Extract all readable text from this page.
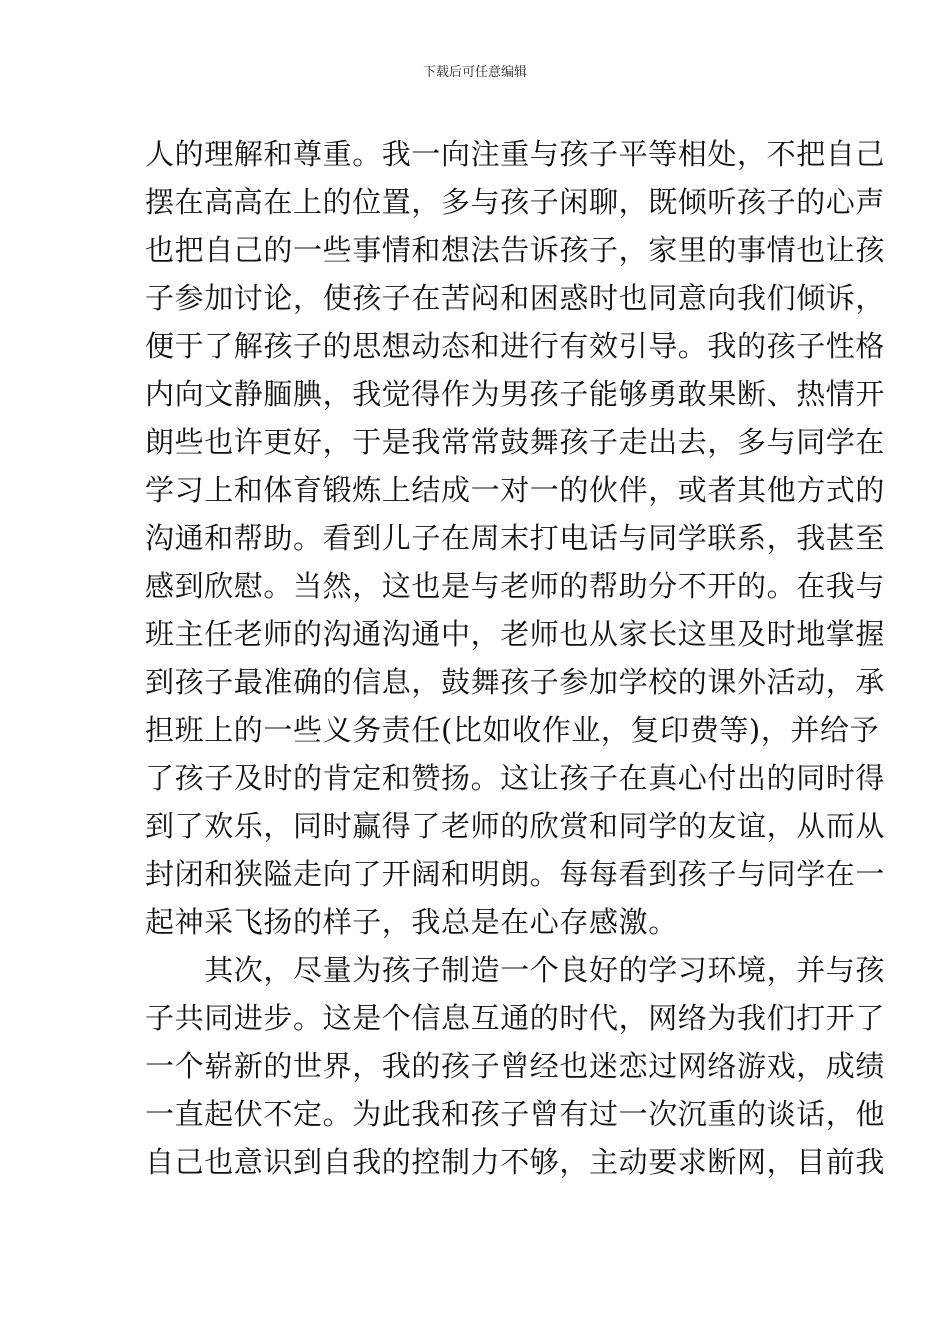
下载后可任意编辑
人的理解和尊重。我一向注重与孩子平等相处，不把自己
摆在高高在上的位置，多与孩子闲聊，既倾听孩子的心声
也把自己的一些事情和想法告诉孩子，家里的事情也让孩
子参加讨论，使孩子在苦闷和困惑时也同意向我们倾诉，
便于了解孩子的思想动态和进行有效引导。我的孩子性格
内向文静腼腆，我觉得作为男孩子能够勇敢果断、热情开
朗些也许更好，于是我常常鼓舞孩子走出去，多与同学在
学习上和体育锻炼上结成一对一的伙伴，或者其他方式的
沟通和帮助。看到儿子在周末打电话与同学联系，我甚至
感到欣慰。当然，这也是与老师的帮助分不开的。在我与
班主任老师的沟通沟通中，老师也从家长这里及时地掌握
到孩子最准确的信息，鼓舞孩子参加学校的课外活动，承
担班上的一些义务责任(比如收作业，复印费等)，并给予
了孩子及时的肯定和赞扬。这让孩子在真心付出的同时得
到了欢乐，同时赢得了老师的欣赏和同学的友谊，从而从
封闭和狭隘走向了开阔和明朗。每每看到孩子与同学在一
起神采飞扬的样子，我总是在心存感激。
　　其次，尽量为孩子制造一个良好的学习环境，并与孩
子共同进步。这是个信息互通的时代，网络为我们打开了
一个崭新的世界，我的孩子曾经也迷恋过网络游戏，成绩
一直起伏不定。为此我和孩子曾有过一次沉重的谈话，他
自己也意识到自我的控制力不够，主动要求断网，目前我
